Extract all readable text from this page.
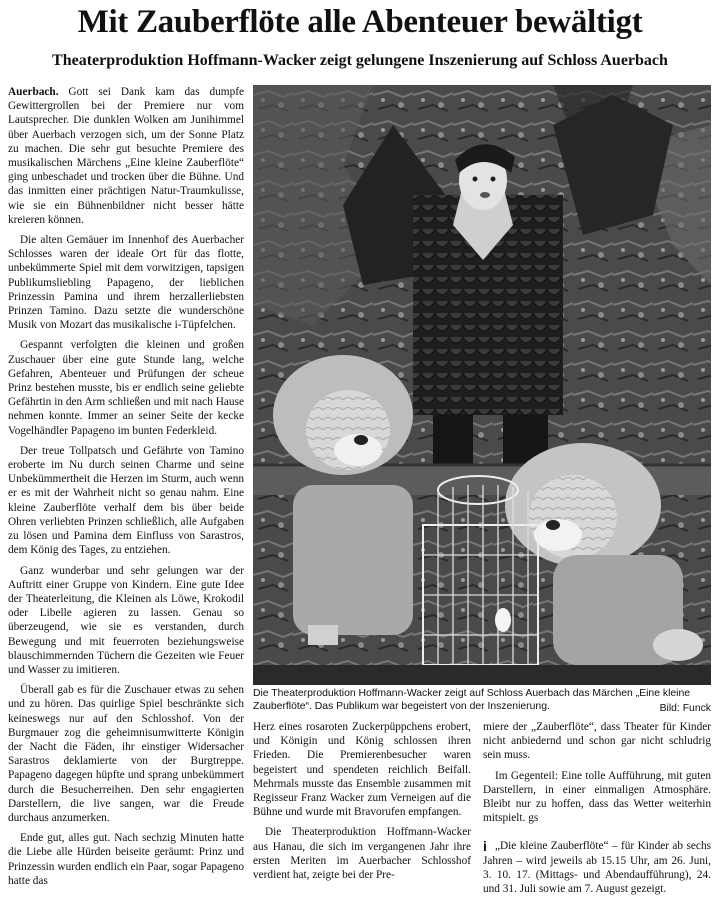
Mit Zauberflöte alle Abenteuer bewältigt
Theaterproduktion Hoffmann-Wacker zeigt gelungene Inszenierung auf Schloss Auerbach

Auerbach. Gott sei Dank kam das dumpfe Gewittergrollen bei der Premiere nur vom Lautsprecher. Die dunklen Wolken am Junihimmel über Auerbach verzogen sich, um der Sonne Platz zu machen. Die sehr gut besuchte Premiere des musikalischen Märchens „Eine kleine Zauberflöte“ ging unbeschadet und trocken über die Bühne. Und das inmitten einer prächtigen Natur-Traumkulisse, wie sie ein Bühnenbildner nicht besser hätte kreieren können.

Die alten Gemäuer im Innenhof des Auerbacher Schlosses waren der ideale Ort für das flotte, unbekümmerte Spiel mit dem vorwitzigen, tapsigen Publikumsliebling Papageno, der lieblichen Prinzessin Pamina und ihrem herzallerliebsten Prinzen Tamino. Dazu setzte die wunderschöne Musik von Mozart das musikalische i-Tüpfelchen.

Gespannt verfolgten die kleinen und großen Zuschauer über eine gute Stunde lang, welche Gefahren, Abenteuer und Prüfungen der scheue Prinz bestehen musste, bis er endlich seine geliebte Gefährtin in den Arm schließen und mit nach Hause nehmen konnte. Immer an seiner Seite der kecke Vogelhändler Papageno im bunten Federkleid.

Der treue Tollpatsch und Gefährte von Tamino eroberte im Nu durch seinen Charme und seine Unbekümmertheit die Herzen im Sturm, auch wenn er es mit der Wahrheit nicht so genau nahm. Eine kleine Zauberflöte verhalf dem bis über beide Ohren verliebten Prinzen schließlich, alle Aufgaben zu lösen und Pamina dem Einfluss von Sarastros, dem König des Tages, zu entziehen.

Ganz wunderbar und sehr gelungen war der Auftritt einer Gruppe von Kindern. Eine gute Idee der Theaterleitung, die Kleinen als Löwe, Krokodil oder Libelle agieren zu lassen. Genau so überzeugend, wie sie es verstanden, durch Bewegung und mit feuerroten beziehungsweise blauschimmernden Tüchern die Gezeiten wie Feuer und Wasser zu imitieren.

Überall gab es für die Zuschauer etwas zu sehen und zu hören. Das quirlige Spiel beschränkte sich keineswegs nur auf den Schlosshof. Von der Burgmauer zog die geheimnisumwitterte Königin der Nacht die Fäden, ihr einstiger Widersacher Sarastros deklamierte von der Burgtreppe. Papageno dagegen hüpfte und sprang unbekümmert durch die Besucherreihen. Den sehr engagierten Darstellern, die live sangen, war die Freude durchaus anzumerken.

Ende gut, alles gut. Nach sechzig Minuten hatte die Liebe alle Hürden beiseite geräumt: Prinz und Prinzessin wurden endlich ein Paar, sogar Papageno hatte das

Die Theaterproduktion Hoffmann-Wacker zeigt auf Schloss Auerbach das Märchen „Eine kleine Zauberflöte“. Das Publikum war begeistert von der Inszenierung.	Bild: Funck

Herz eines rosaroten Zuckerpüppchens erobert, und Königin und König schlossen ihren Frieden. Die Premierenbesucher waren begeistert und spendeten reichlich Beifall. Mehrmals musste das Ensemble zusammen mit Regisseur Franz Wacker zum Verneigen auf die Bühne und wurde mit Bravorufen empfangen.

Die Theaterproduktion Hoffmann-Wacker aus Hanau, die sich im vergangenen Jahr ihre ersten Meriten im Auerbacher Schlosshof verdient hat, zeigte bei der Pre-

miere der „Zauberflöte“, dass Theater für Kinder nicht anbiedernd und schon gar nicht schludrig sein muss.

Im Gegenteil: Eine tolle Aufführung, mit guten Darstellern, in einer einmaligen Atmosphäre. Bleibt nur zu hoffen, dass das Wetter weiterhin mitspielt. gs

i „Die kleine Zauberflöte“ – für Kinder ab sechs Jahren – wird jeweils ab 15.15 Uhr, am 26. Juni, 3. 10. 17. (Mittags- und Abendaufführung), 24. und 31. Juli sowie am 7. August gezeigt.
